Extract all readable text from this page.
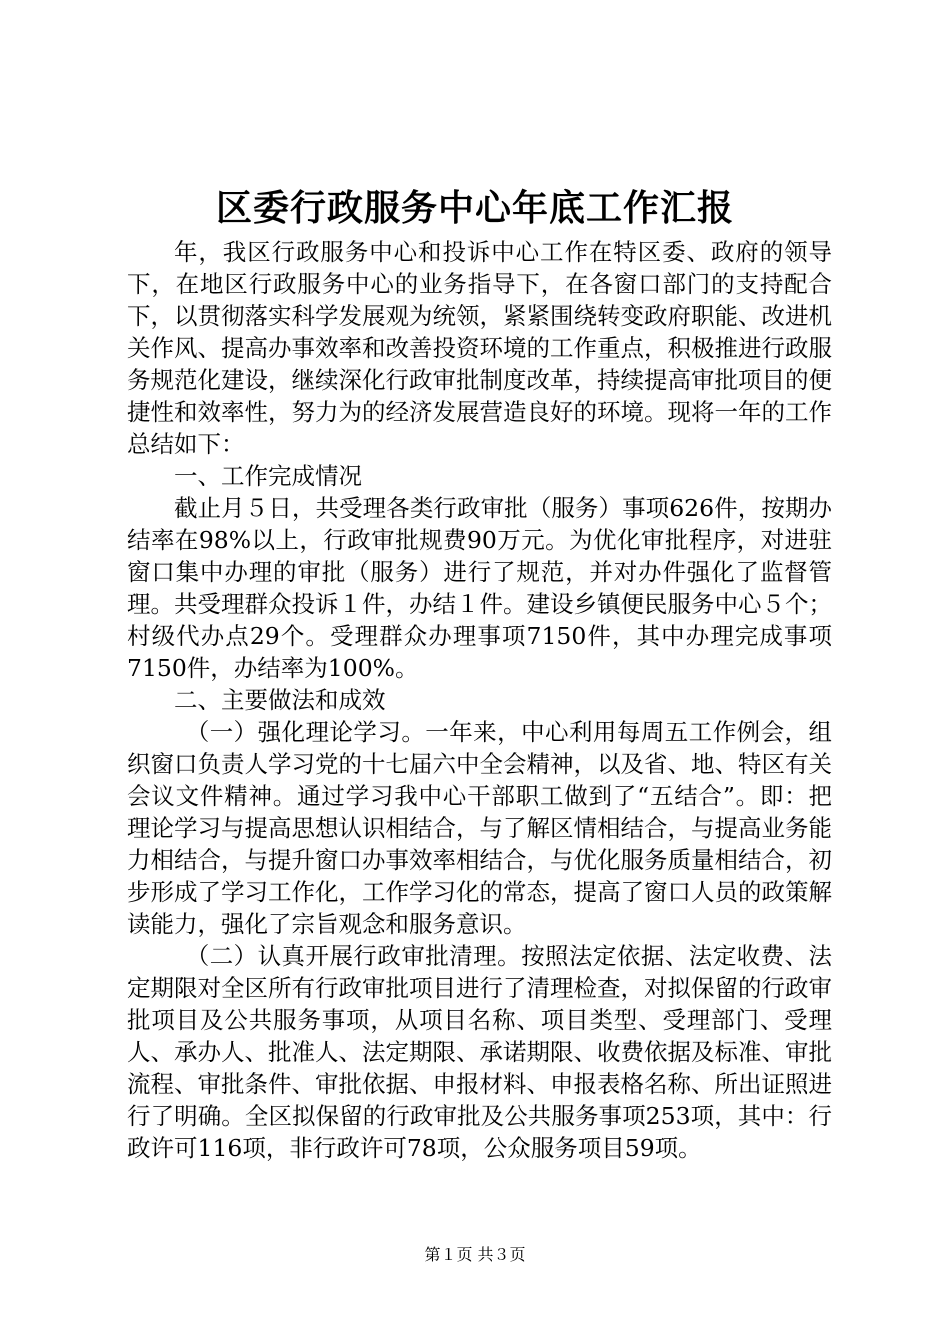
区委行政服务中心年底工作汇报

年，我区行政服务中心和投诉中心工作在特区委、政府的领导下，在地区行政服务中心的业务指导下，在各窗口部门的支持配合下，以贯彻落实科学发展观为统领，紧紧围绕转变政府职能、改进机关作风、提高办事效率和改善投资环境的工作重点，积极推进行政服务规范化建设，继续深化行政审批制度改革，持续提高审批项目的便捷性和效率性，努力为的经济发展营造良好的环境。现将一年的工作总结如下：

一、工作完成情况

截止月５日，共受理各类行政审批（服务）事项626件，按期办结率在98%以上，行政审批规费90万元。为优化审批程序，对进驻窗口集中办理的审批（服务）进行了规范，并对办件强化了监督管理。共受理群众投诉１件，办结１件。建设乡镇便民服务中心５个；村级代办点29个。受理群众办理事项7150件，其中办理完成事项7150件，办结率为100%。

二、主要做法和成效

（一）强化理论学习。一年来，中心利用每周五工作例会，组织窗口负责人学习党的十七届六中全会精神，以及省、地、特区有关会议文件精神。通过学习我中心干部职工做到了“五结合”。即：把理论学习与提高思想认识相结合，与了解区情相结合，与提高业务能力相结合，与提升窗口办事效率相结合，与优化服务质量相结合，初步形成了学习工作化，工作学习化的常态，提高了窗口人员的政策解读能力，强化了宗旨观念和服务意识。

（二）认真开展行政审批清理。按照法定依据、法定收费、法定期限对全区所有行政审批项目进行了清理检查，对拟保留的行政审批项目及公共服务事项，从项目名称、项目类型、受理部门、受理人、承办人、批准人、法定期限、承诺期限、收费依据及标准、审批流程、审批条件、审批依据、申报材料、申报表格名称、所出证照进行了明确。全区拟保留的行政审批及公共服务事项253项，其中：行政许可116项，非行政许可78项，公众服务项目59项。

第１页 共３页
